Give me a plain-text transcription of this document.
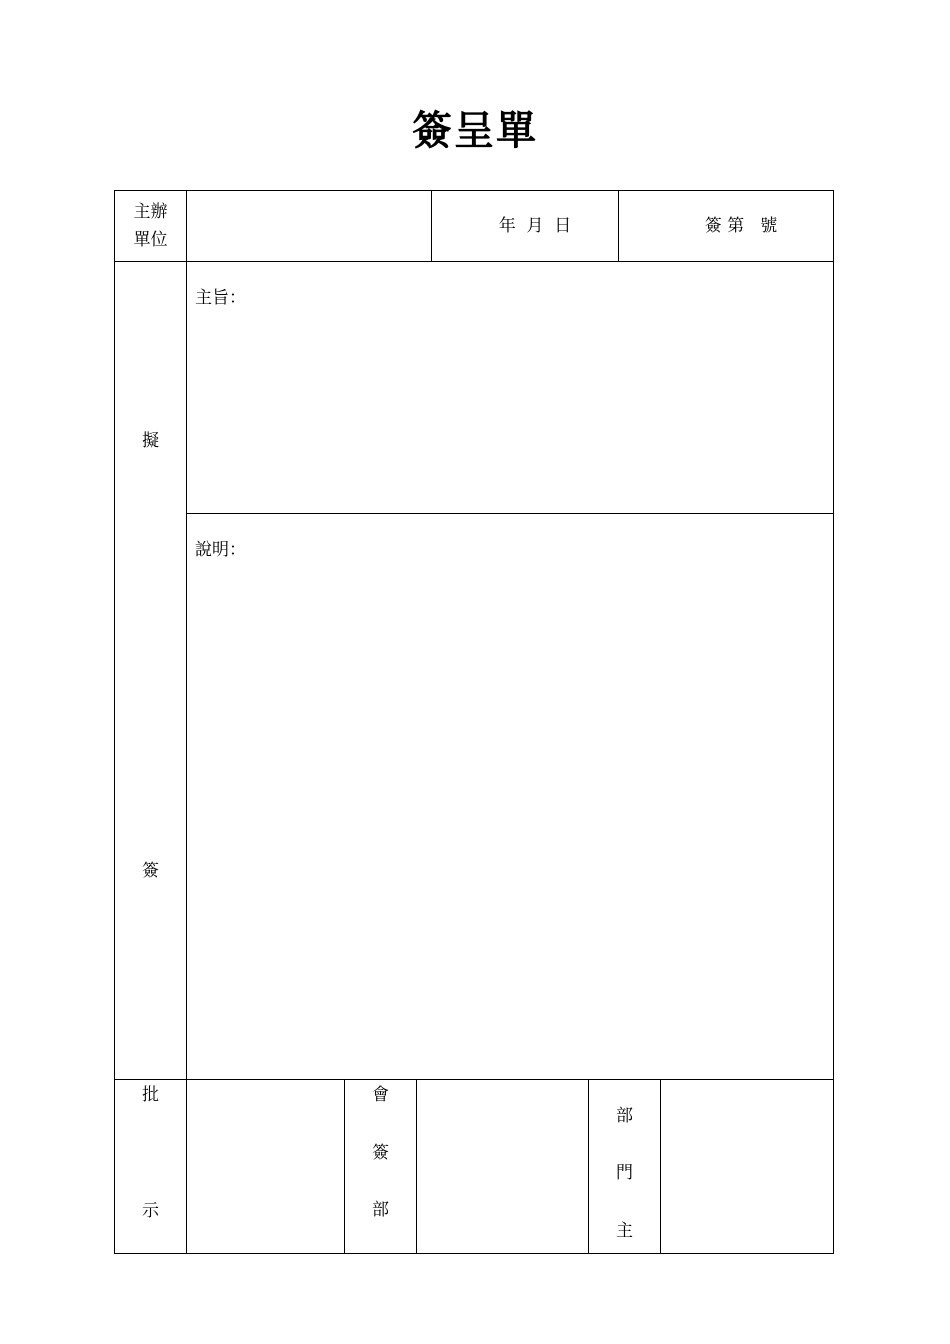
簽呈單
主辦
單位
年  月  日	簽 第   號
擬
簽
主旨：
說明：
批
示
會
簽
部
部
門
主
